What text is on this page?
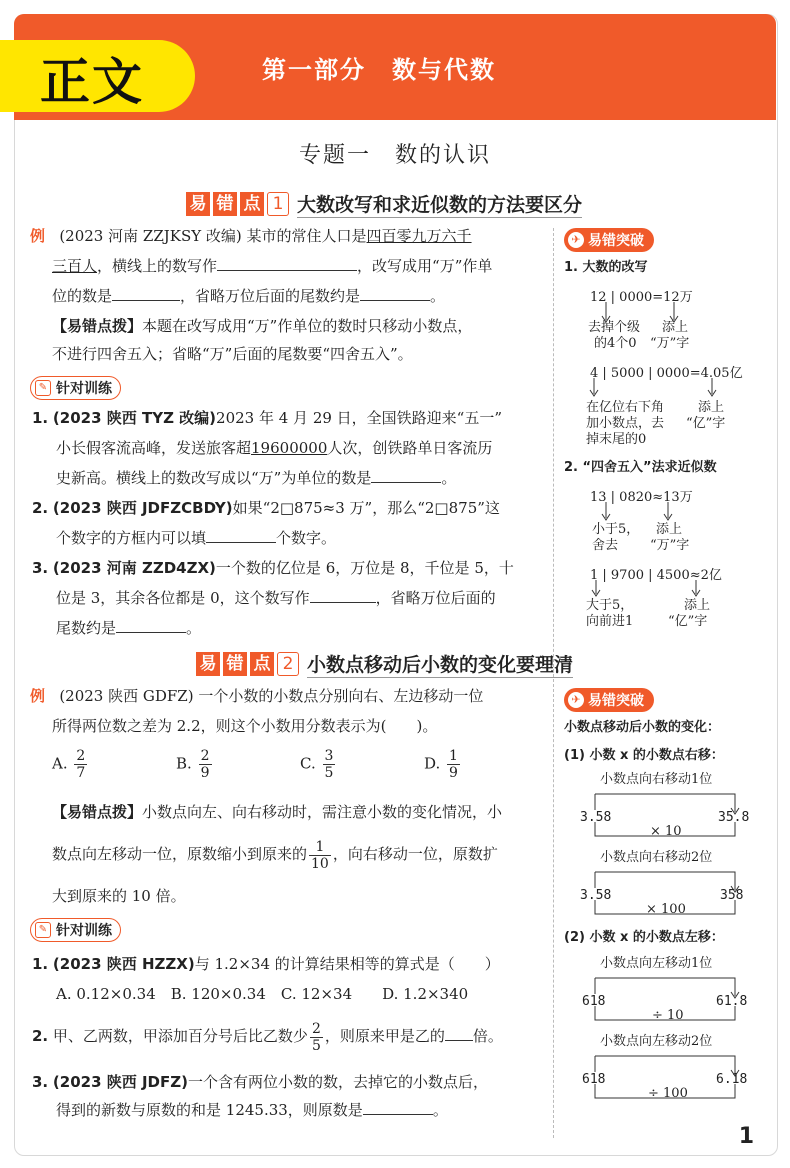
正文	第一部分　数与代数
专题一　数的认识
易 错 点 1 大数改写和求近似数的方法要区分
例 (2023 河南 ZZJKSY 改编) 某市的常住人口是四百零九万六千
三百人，横线上的数写作	，改写成用“万”作单
位的数是	，省略万位后面的尾数约是	。
【易错点拨】本题在改写成用“万”作单位的数时只移动小数点，
不进行四舍五入；省略“万”后面的尾数要“四舍五入”。
✎ 针对训练
1. (2023 陕西 TYZ 改编)2023 年 4 月 29 日，全国铁路迎来“五一”
小长假客流高峰，发送旅客超19600000人次，创铁路单日客流历
史新高。横线上的数改写成以“万”为单位的数是	。
2. (2023 陕西 JDFZCBDY)如果“2□875≈3 万”，那么“2□875”这
个数字的方框内可以填	个数字。
3. (2023 河南 ZZD4ZX)一个数的亿位是 6，万位是 8，千位是 5，十
位是 3，其余各位都是 0，这个数写作	，省略万位后面的
尾数约是	。
易 错 点 2 小数点移动后小数的变化要理清
例 (2023 陕西 GDFZ) 一个小数的小数点分别向右、左边移动一位
所得两位数之差为 2.2，则这个小数用分数表示为(　　)。
A. $\frac{2}{7}$	B. $\frac{2}{9}$	C. $\frac{3}{5}$	D. $\frac{1}{9}$
【易错点拨】小数点向左、向右移动时，需注意小数的变化情况，小
数点向左移动一位，原数缩小到原来的 $\frac{1}{10}$ ，向右移动一位，原数扩
大到原来的 10 倍。
✎ 针对训练
1. (2023 陕西 HZZX)与 1.2×34 的计算结果相等的算式是（　　）
A. 0.12×0.34　B. 120×0.34　C. 12×34　　D. 1.2×340
2. 甲、乙两数，甲添加百分号后比乙数少 $\frac{2}{5}$ ，则原来甲是乙的 倍。
3. (2023 陕西 JDFZ)一个含有两位小数的数，去掉它的小数点后，
得到的新数与原数的和是 1245.33，则原数是	。
✈ 易错突破
1. 大数的改写
12 | 0000=12万
去掉个级
的4个0
添上
“万”字
4 | 5000 | 0000=4.05亿
在亿位右下角
加小数点，去
掉末尾的0
添上
“亿”字
2. “四舍五入”法求近似数
13 | 0820≈13万
小于5，
舍去
添上
“万”字
1 | 9700 | 4500≈2亿
大于5，
向前进1
添上
“亿”字
✈ 易错突破
小数点移动后小数的变化：
(1) 小数 x 的小数点右移：
小数点向右移动1位
3.58	35.8
× 10
小数点向右移动2位
3.58	358
× 100
(2) 小数 x 的小数点左移：
小数点向左移动1位
618	61.8
÷ 10
小数点向左移动2位
618	6.18
÷ 100
1
